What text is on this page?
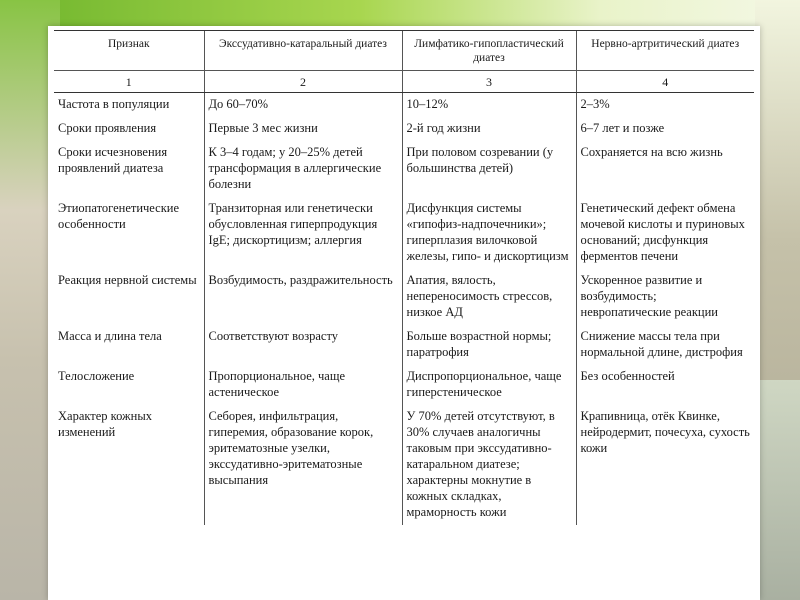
Признак	Экссудативно-катаральный диатез	Лимфатико-гипопластический диатез	Нервно-артритический диатез
1	2	3	4
Частота в популяции	До 60–70%	10–12%	2–3%
Сроки проявления	Первые 3 мес жизни	2-й год жизни	6–7 лет и позже
Сроки исчезновения проявлений диатеза	К 3–4 годам; у 20–25% детей трансформация в аллергические болезни	При половом созревании (у большинства детей)	Сохраняется на всю жизнь
Этиопатогенетические особенности	Транзиторная или генетически обусловленная гиперпродукция IgE; дискортицизм; аллергия	Дисфункция системы «гипофиз-надпочечники»; гиперплазия вилочковой железы, гипо- и дискортицизм	Генетический дефект обмена мочевой кислоты и пуриновых оснований; дисфункция ферментов печени
Реакция нервной системы	Возбудимость, раздражительность	Апатия, вялость, непереносимость стрессов, низкое АД	Ускоренное развитие и возбудимость; невропатические реакции
Масса и длина тела	Соответствуют возрасту	Больше возрастной нормы; паратрофия	Снижение массы тела при нормальной длине, дистрофия
Телосложение	Пропорциональное, чаще астеническое	Диспропорциональное, чаще гиперстеническое	Без особенностей
Характер кожных изменений	Себорея, инфильтрация, гиперемия, образование корок, эритематозные узелки, экссудативно-эритематозные высыпания	У 70% детей отсутствуют, в 30% случаев аналогичны таковым при экссудативно-катаральном диатезе; характерны мокнутие в кожных складках, мраморность кожи	Крапивница, отёк Квинке, нейродермит, почесуха, сухость кожи
